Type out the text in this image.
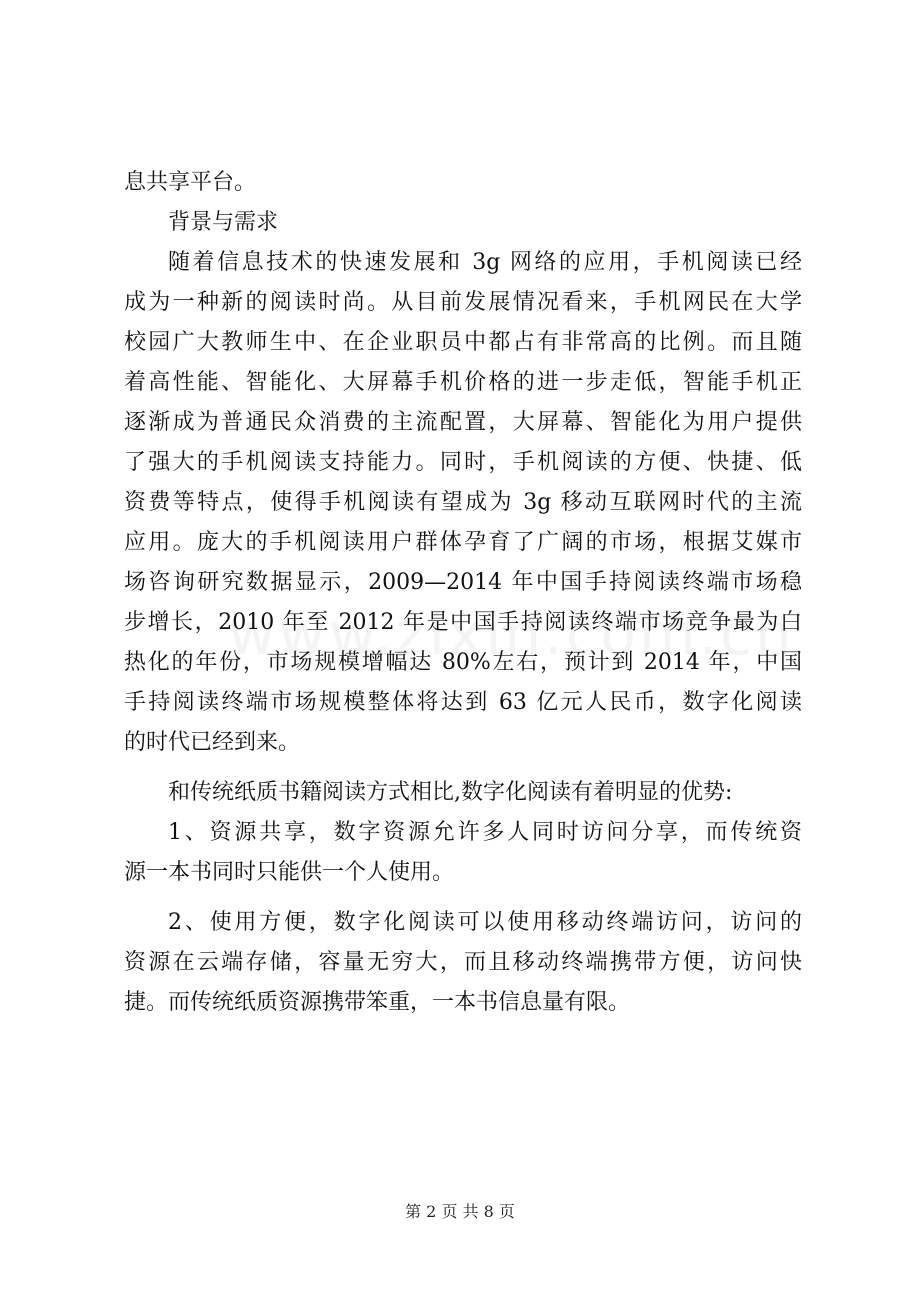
息共享平台。
背景与需求
随着信息技术的快速发展和 3g 网络的应用，手机阅读已经
成为一种新的阅读时尚。从目前发展情况看来，手机网民在大学
校园广大教师生中、在企业职员中都占有非常高的比例。而且随
着高性能、智能化、大屏幕手机价格的进一步走低，智能手机正
逐渐成为普通民众消费的主流配置，大屏幕、智能化为用户提供
了强大的手机阅读支持能力。同时，手机阅读的方便、快捷、低
资费等特点，使得手机阅读有望成为 3g 移动互联网时代的主流
应用。庞大的手机阅读用户群体孕育了广阔的市场，根据艾媒市
场咨询研究数据显示，2009—2014 年中国手持阅读终端市场稳
步增长，2010 年至 2012 年是中国手持阅读终端市场竞争最为白
热化的年份，市场规模增幅达 80%左右，预计到 2014 年，中国
手持阅读终端市场规模整体将达到 63 亿元人民币，数字化阅读
的时代已经到来。
和传统纸质书籍阅读方式相比,数字化阅读有着明显的优势:
1、资源共享，数字资源允许多人同时访问分享，而传统资
源一本书同时只能供一个人使用。
2、使用方便，数字化阅读可以使用移动终端访问，访问的
资源在云端存储，容量无穷大，而且移动终端携带方便，访问快
捷。而传统纸质资源携带笨重，一本书信息量有限。
第 2 页 共 8 页
